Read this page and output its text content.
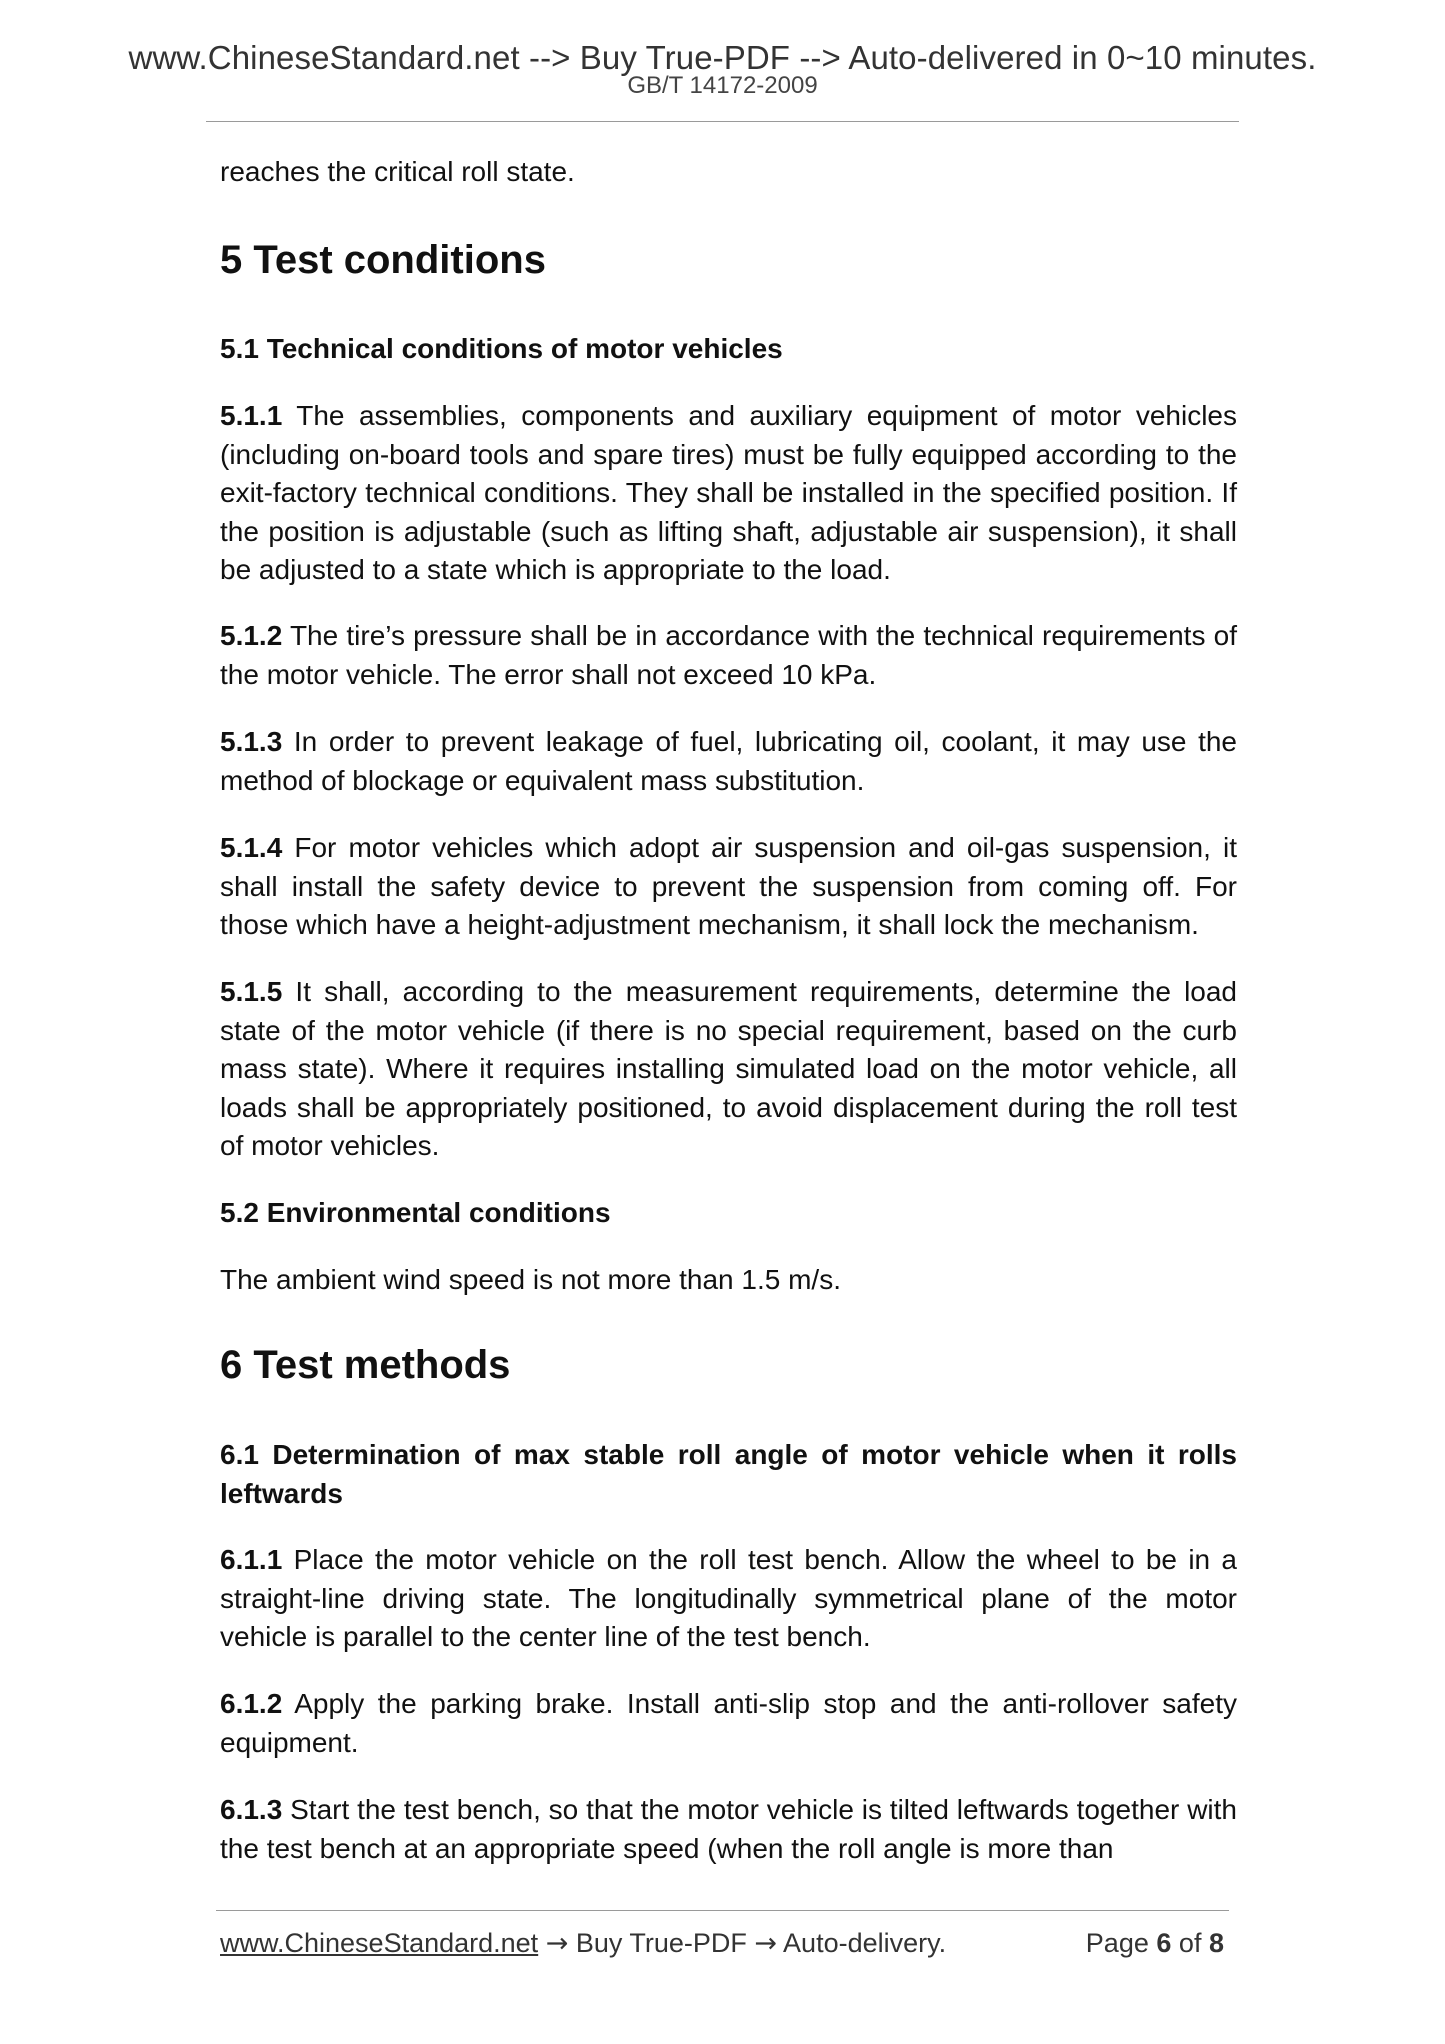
www.ChineseStandard.net --> Buy True-PDF --> Auto-delivered in 0~10 minutes.
GB/T 14172-2009

reaches the critical roll state.

5 Test conditions
5.1 Technical conditions of motor vehicles

5.1.1 The assemblies, components and auxiliary equipment of motor vehicles (including on-board tools and spare tires) must be fully equipped according to the exit-factory technical conditions. They shall be installed in the specified position. If the position is adjustable (such as lifting shaft, adjustable air suspension), it shall be adjusted to a state which is appropriate to the load.

5.1.2 The tire’s pressure shall be in accordance with the technical requirements of the motor vehicle. The error shall not exceed 10 kPa.

5.1.3 In order to prevent leakage of fuel, lubricating oil, coolant, it may use the method of blockage or equivalent mass substitution.

5.1.4 For motor vehicles which adopt air suspension and oil-gas suspension, it shall install the safety device to prevent the suspension from coming off. For those which have a height-adjustment mechanism, it shall lock the mechanism.

5.1.5 It shall, according to the measurement requirements, determine the load state of the motor vehicle (if there is no special requirement, based on the curb mass state). Where it requires installing simulated load on the motor vehicle, all loads shall be appropriately positioned, to avoid displacement during the roll test of motor vehicles.

5.2 Environmental conditions

The ambient wind speed is not more than 1.5 m/s.

6 Test methods
6.1 Determination of max stable roll angle of motor vehicle when it rolls leftwards

6.1.1 Place the motor vehicle on the roll test bench. Allow the wheel to be in a straight-line driving state. The longitudinally symmetrical plane of the motor vehicle is parallel to the center line of the test bench.

6.1.2 Apply the parking brake. Install anti-slip stop and the anti-rollover safety equipment.

6.1.3 Start the test bench, so that the motor vehicle is tilted leftwards together with the test bench at an appropriate speed (when the roll angle is more than

www.ChineseStandard.net → Buy True-PDF → Auto-delivery.	Page 6 of 8
